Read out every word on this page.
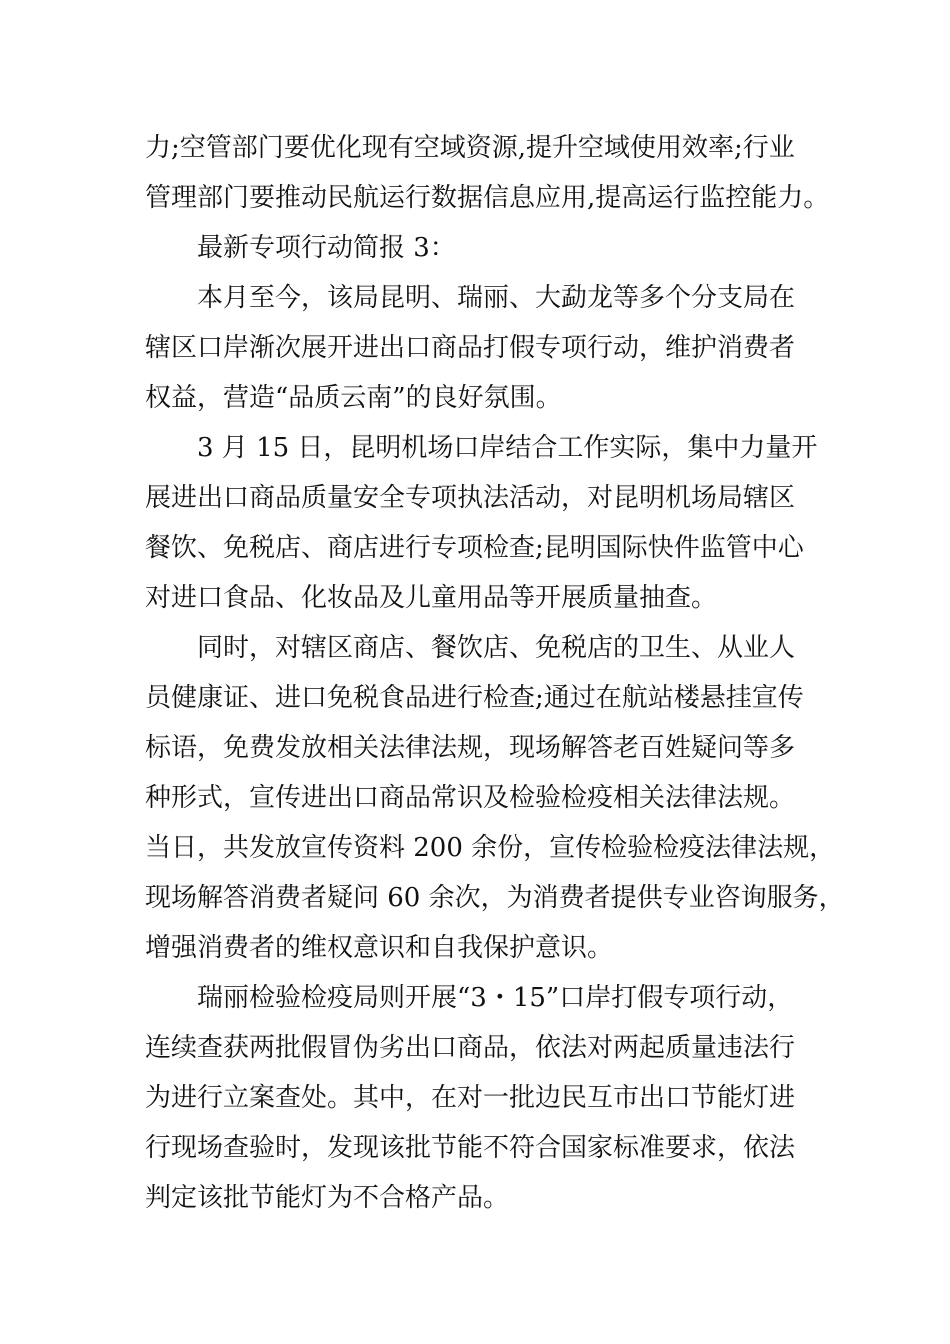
力;空管部门要优化现有空域资源,提升空域使用效率;行业

管理部门要推动民航运行数据信息应用,提高运行监控能力。

最新专项行动简报 3：

本月至今，该局昆明、瑞丽、大勐龙等多个分支局在

辖区口岸渐次展开进出口商品打假专项行动，维护消费者

权益，营造“品质云南”的良好氛围。

3 月 15 日，昆明机场口岸结合工作实际，集中力量开

展进出口商品质量安全专项执法活动，对昆明机场局辖区

餐饮、免税店、商店进行专项检查;昆明国际快件监管中心

对进口食品、化妆品及儿童用品等开展质量抽查。

同时，对辖区商店、餐饮店、免税店的卫生、从业人

员健康证、进口免税食品进行检查;通过在航站楼悬挂宣传

标语，免费发放相关法律法规，现场解答老百姓疑问等多

种形式，宣传进出口商品常识及检验检疫相关法律法规。

当日，共发放宣传资料 200 余份，宣传检验检疫法律法规，

现场解答消费者疑问 60 余次，为消费者提供专业咨询服务，

增强消费者的维权意识和自我保护意识。

瑞丽检验检疫局则开展“3・15”口岸打假专项行动，

连续查获两批假冒伪劣出口商品，依法对两起质量违法行

为进行立案查处。其中，在对一批边民互市出口节能灯进

行现场查验时，发现该批节能不符合国家标准要求，依法

判定该批节能灯为不合格产品。
